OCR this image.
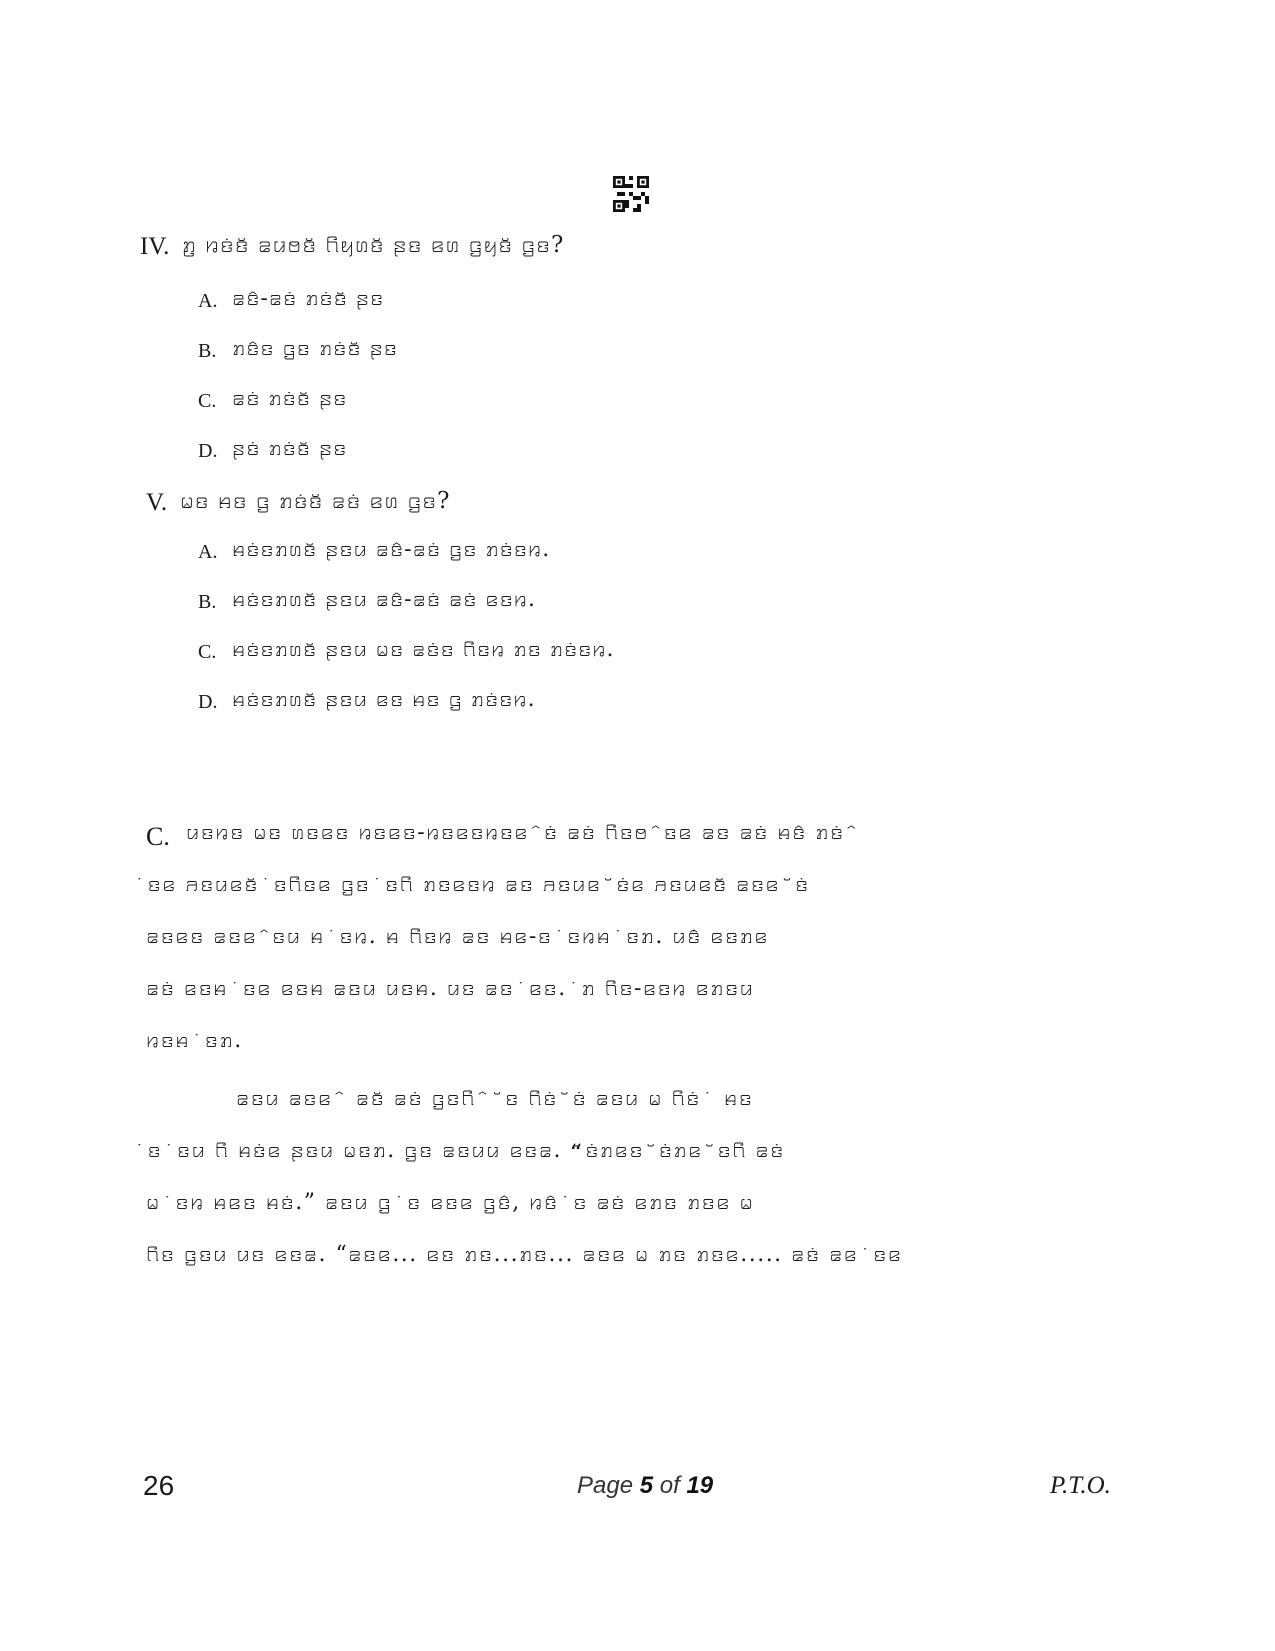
IV. ꤊ꤬ ꤙꤢꤦꤢꤩ ꤘꤣꤥꤢꤩ ꤖꤟꤛꤢꤩ ꤔꤢ ꤕꤛ ꤞꤟꤢꤩ ꤞꤢ?
A. ꤘꤢꤨ-ꤘꤢꤦ ꤊꤢꤦꤢꤩ ꤔꤢ
B. ꤊꤢꤨꤢ ꤞꤢ ꤊꤢꤦꤢꤩ ꤔꤢ
C. ꤘꤢꤦ ꤊꤢꤦꤢꤩ ꤔꤢ
D. ꤔꤢꤦ ꤊꤢꤦꤢꤩ ꤔꤢ
V. ꤗꤢ ꤌꤢ ꤞ ꤊꤢꤦꤢꤩ ꤘꤢꤦ ꤕꤛ ꤞꤢ?
A. ꤌꤢꤦꤢꤊꤛꤢꤩ ꤔꤢꤣ ꤘꤢꤨ-ꤘꤢꤦ ꤞꤢ ꤊꤢꤦꤢꤙ.
B. ꤌꤢꤦꤢꤊꤛꤢꤩ ꤔꤢꤣ ꤘꤢꤨ-ꤘꤢꤦ ꤘꤢꤦ ꤕꤢꤙ.
C. ꤌꤢꤦꤢꤊꤛꤢꤩ ꤔꤢꤣ ꤗꤢ ꤘꤢꤦꤢ ꤖꤢꤙ ꤊꤢ ꤊꤢꤦꤢꤙ.
D. ꤌꤢꤦꤢꤊꤛꤢꤩ ꤔꤢꤣ ꤕꤢ ꤌꤢ ꤞ ꤊꤢꤦꤢꤙ.
C. ꤣꤢꤙꤢ ꤗꤢ ꤛꤢꤕꤢ ꤙꤢꤕꤢ-ꤙꤢꤕꤢꤙꤢꤕ ꤨꤢꤦ ꤘꤢꤦ ꤖꤢꤥ ꤨꤢꤕ ꤘꤢ ꤘꤢꤦ ꤌꤢꤨ ꤊꤢꤦ ꤨ
ꤦꤢꤕ ꤏꤢꤣꤕꤢꤩ ꤦꤢꤖꤢꤕ ꤞꤢ ꤦꤢꤖ ꤊꤢꤕꤢꤙ ꤘꤢ ꤏꤢꤣꤕ ꤩꤢꤦꤕ ꤏꤢꤣꤕꤢꤩ ꤘꤢꤕ ꤩꤢꤦ
ꤘꤢꤕꤢ ꤘꤢꤕ ꤨꤢꤣ ꤌ ꤦꤢꤙ. ꤌ ꤖꤢꤙ ꤘꤢ ꤌꤕ-ꤢ ꤦꤢꤙꤌ ꤦꤢꤊ. ꤣꤢꤦꤨ ꤕꤢꤊꤕ
ꤘꤢꤦ ꤕꤢꤌ ꤦꤢꤕ ꤕꤢꤌ ꤘꤢꤣ ꤣꤢꤌ. ꤣꤢ ꤘꤢ ꤦꤕꤢ. ꤦꤊ ꤖꤢ-ꤕꤢꤙ ꤕꤊꤢꤣ
ꤙꤢꤌ ꤦꤢꤊ.
ꤘꤢꤣ ꤘꤢꤕ ꤨ ꤘꤢꤩ ꤘꤢꤦ ꤞꤢꤖ ꤨ ꤩꤢ ꤖꤢꤦ ꤩꤢꤦ ꤘꤢꤣ ꤗ ꤖꤢꤦ ꤦ ꤌꤢ
ꤦꤢ ꤦꤢꤣ ꤖ ꤌꤢꤦꤕ ꤔꤢꤣ ꤗꤢꤊ. ꤞꤢ ꤘꤢꤣꤣ ꤕꤢꤘ. “ꤩꤢꤦꤊꤕꤢ ꤩꤢꤦꤊꤕ ꤩꤢꤖ ꤘꤢꤦ
ꤗ ꤦꤢꤙ ꤌꤕꤢ ꤌꤢꤦ.” ꤘꤢꤣ ꤞ ꤦꤢ ꤕꤢꤕ ꤞꤢꤨ, ꤙꤢꤨ ꤦꤢ ꤘꤢꤦ ꤕꤊꤢ ꤊꤢꤕ ꤗ
ꤖꤢ ꤞꤢꤣ ꤣꤢ ꤕꤢꤘ. “ꤘꤢꤕ... ꤕꤢ ꤊꤢ...ꤊꤢ... ꤘꤢꤕ ꤗ ꤊꤢ ꤊꤢꤕ..... ꤘꤢꤦ ꤘꤕ ꤦꤢꤕ
26	Page 5 of 19	P.T.O.
